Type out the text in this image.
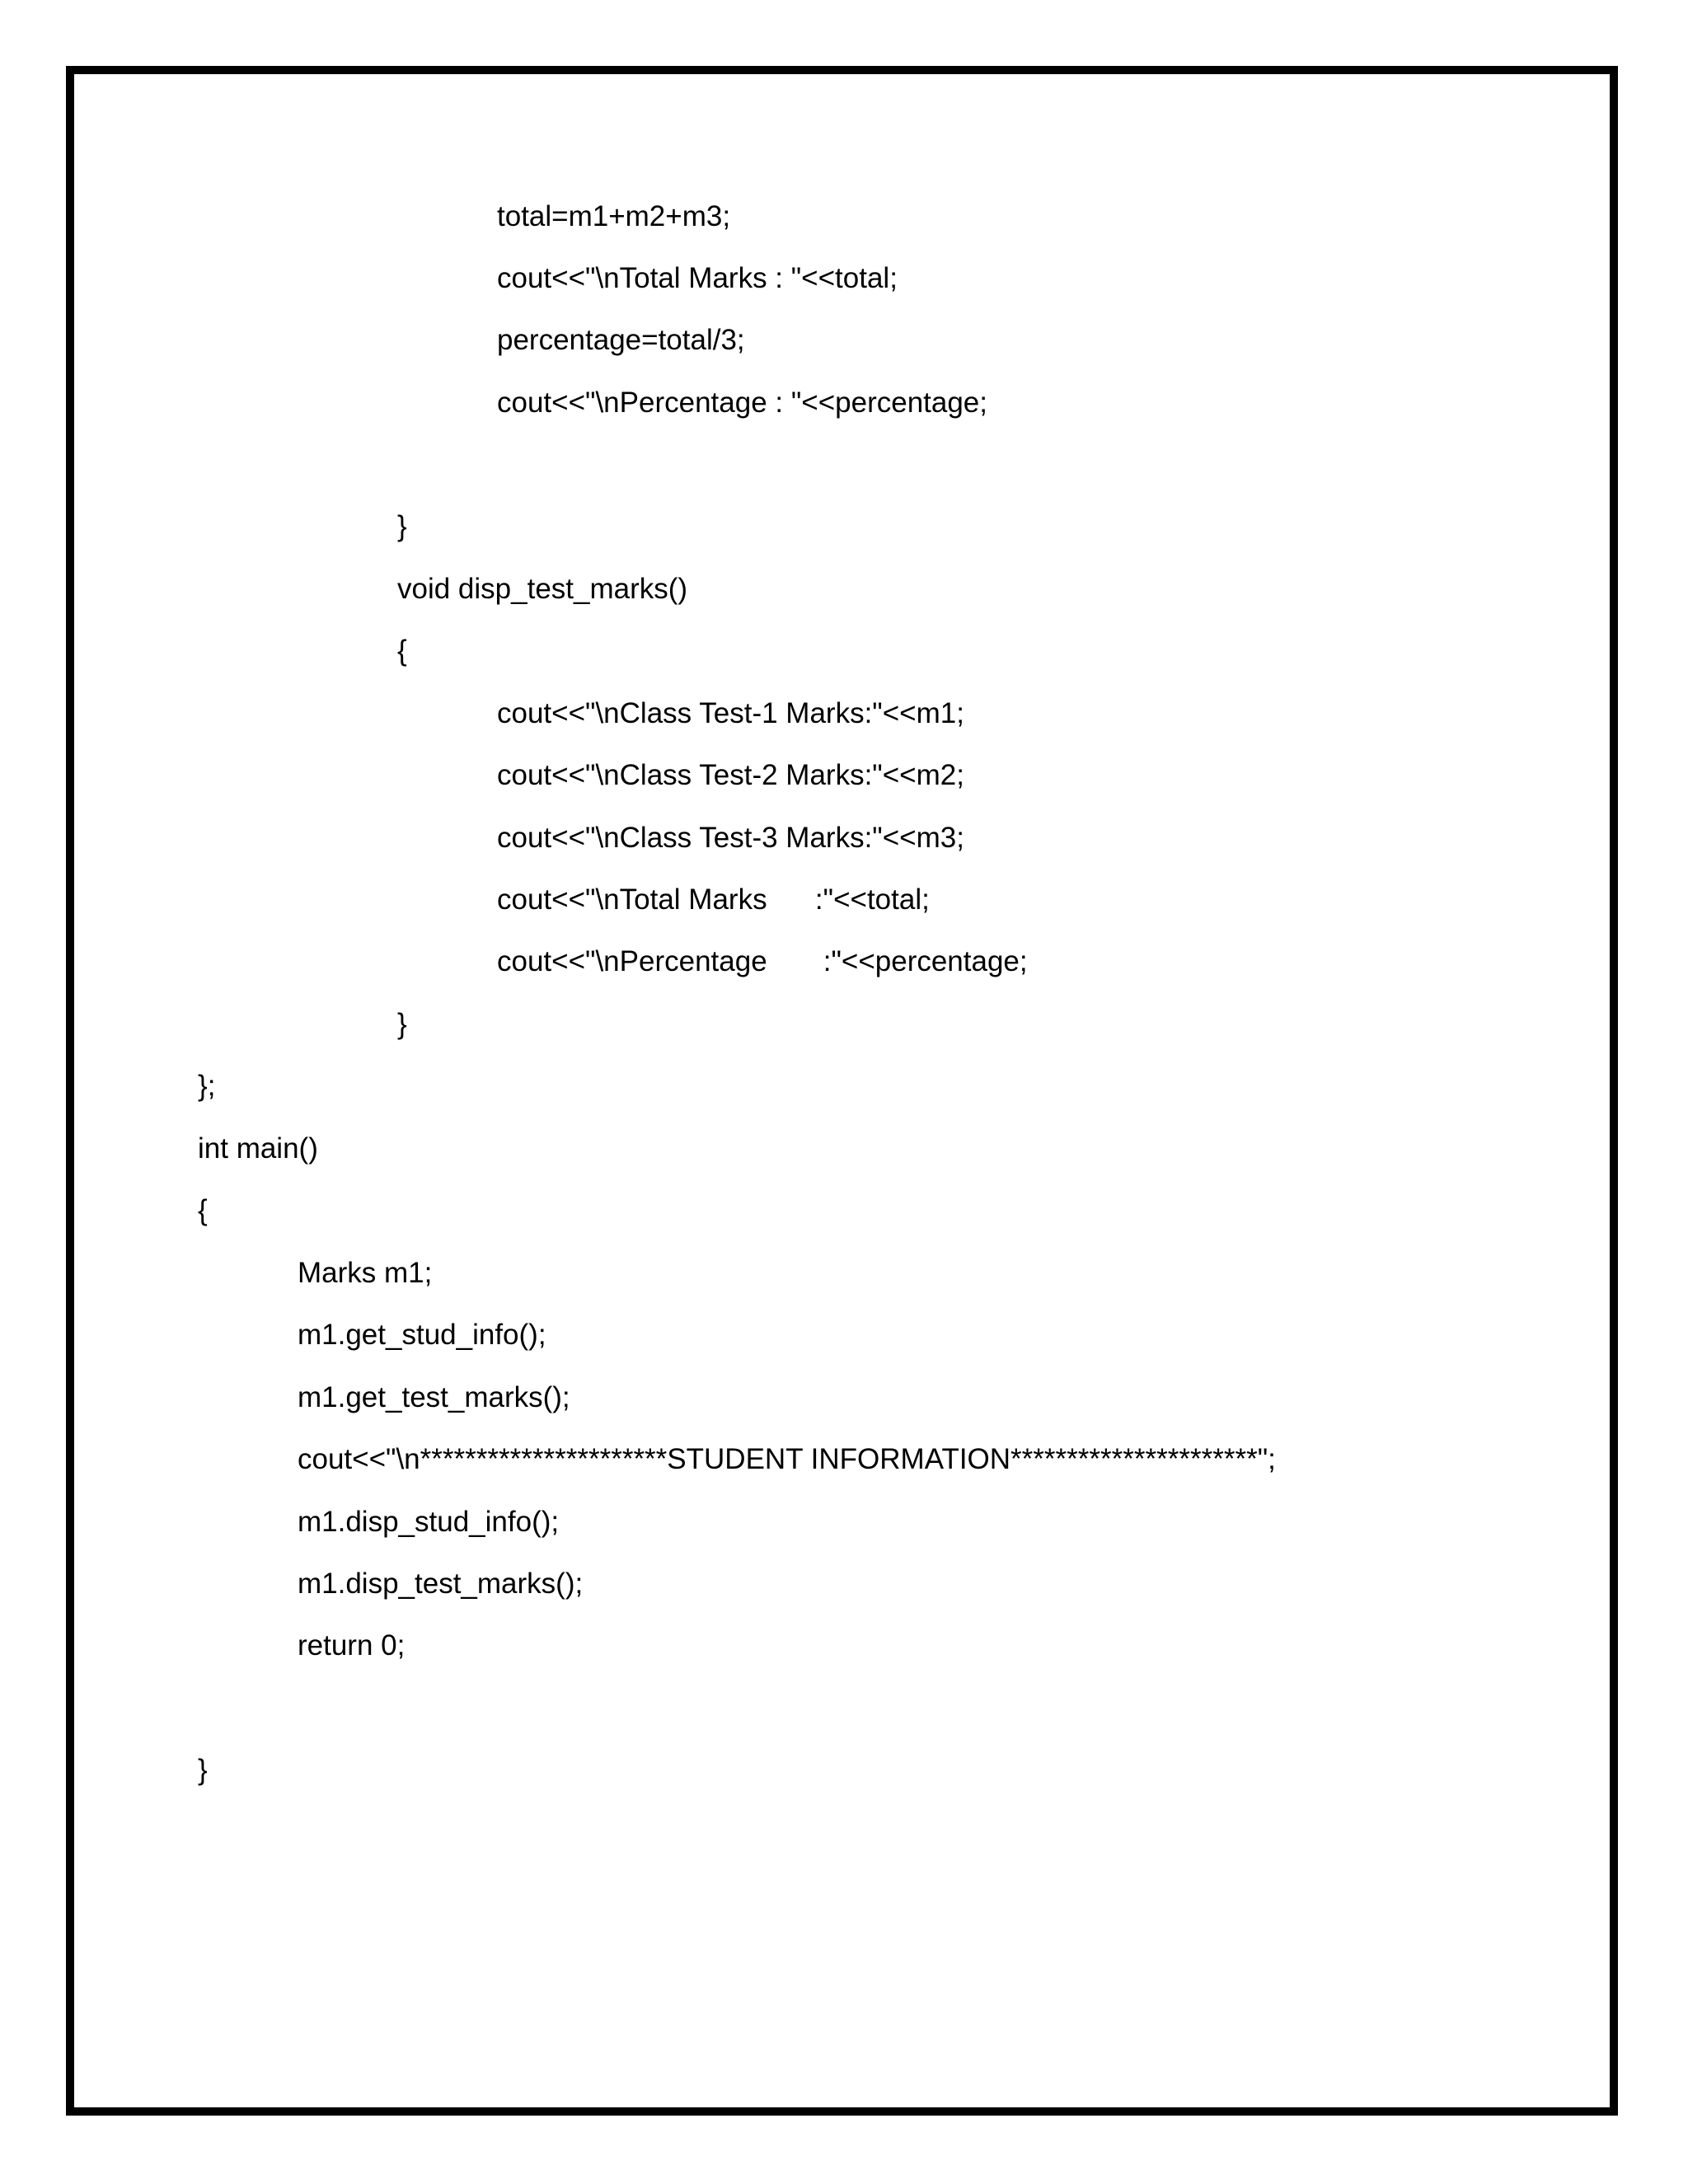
total=m1+m2+m3;
cout<<"\nTotal Marks : "<<total;
percentage=total/3;
cout<<"\nPercentage : "<<percentage;
}
void disp_test_marks()
{
cout<<"\nClass Test-1 Marks:"<<m1;
cout<<"\nClass Test-2 Marks:"<<m2;
cout<<"\nClass Test-3 Marks:"<<m3;
cout<<"\nTotal Marks      :"<<total;
cout<<"\nPercentage       :"<<percentage;
}
};
int main()
{
Marks m1;
m1.get_stud_info();
m1.get_test_marks();
cout<<"\n**********************STUDENT INFORMATION**********************";
m1.disp_stud_info();
m1.disp_test_marks();
return 0;
}
